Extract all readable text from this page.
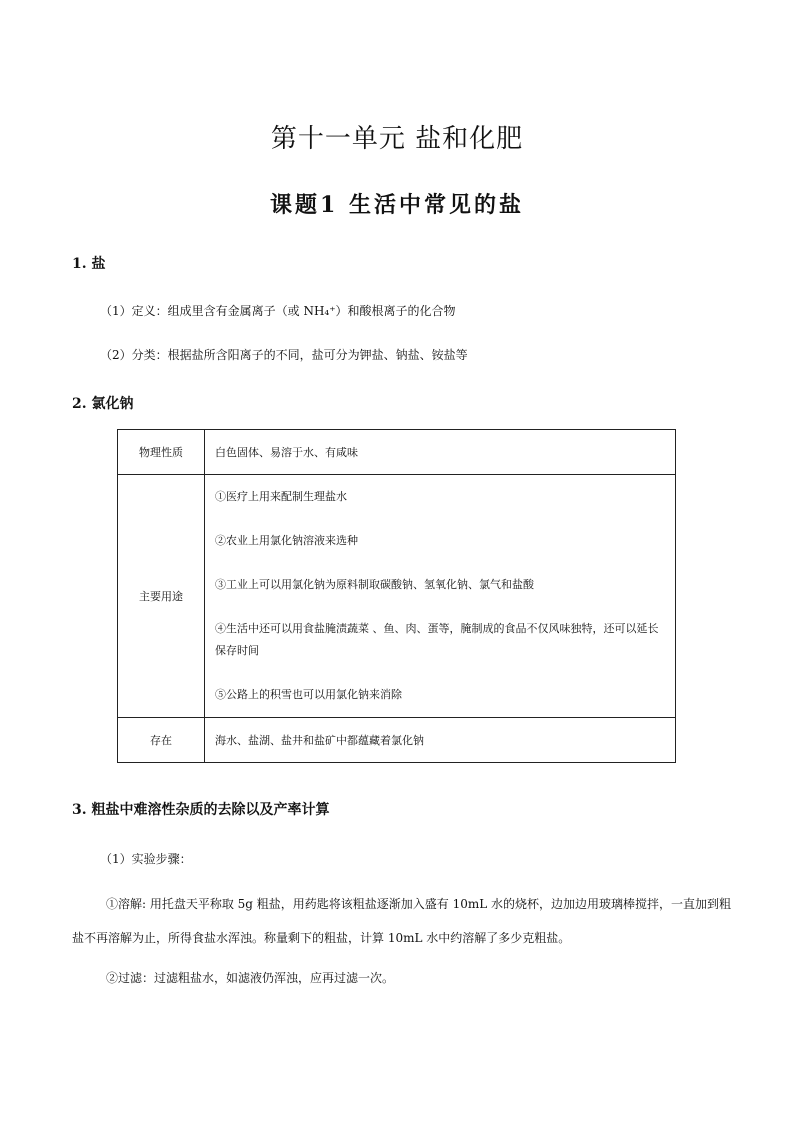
第十一单元 盐和化肥
课题1 生活中常见的盐
1. 盐
（1）定义：组成里含有金属离子（或 NH₄⁺）和酸根离子的化合物
（2）分类：根据盐所含阳离子的不同，盐可分为钾盐、钠盐、铵盐等
2. 氯化钠
物理性质	白色固体、易溶于水、有咸味
主要用途	①医疗上用来配制生理盐水

②农业上用氯化钠溶液来选种

③工业上可以用氯化钠为原料制取碳酸钠、氢氧化钠、氯气和盐酸

④生活中还可以用食盐腌渍蔬菜 、鱼、肉、蛋等，腌制成的食品不仅风味独特，还可以延长保存时间

⑤公路上的积雪也可以用氯化钠来消除

存在	海水、盐湖、盐井和盐矿中都蕴藏着氯化钠
3. 粗盐中难溶性杂质的去除以及产率计算
（1）实验步骤：
①溶解: 用托盘天平称取 5g 粗盐，用药匙将该粗盐逐渐加入盛有 10mL 水的烧杯，边加边用玻璃棒搅拌，一直加到粗盐不再溶解为止，所得食盐水浑浊。称量剩下的粗盐，计算 10mL 水中约溶解了多少克粗盐。
②过滤：过滤粗盐水，如滤液仍浑浊，应再过滤一次。
